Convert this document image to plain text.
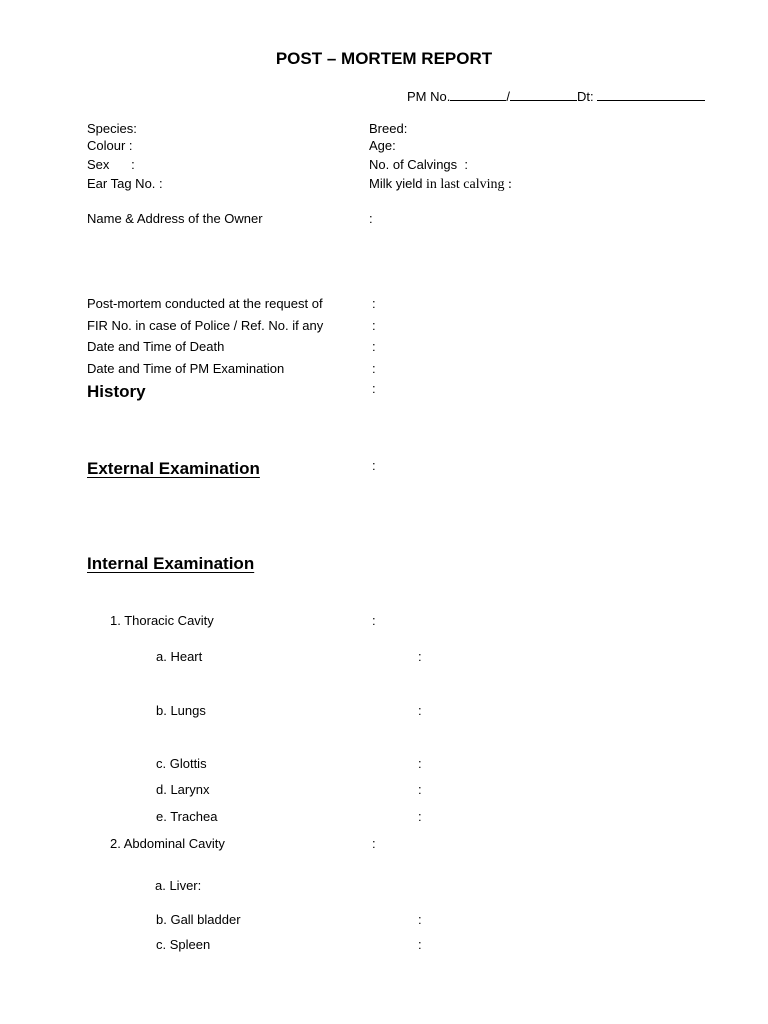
POST – MORTEM REPORT
PM No.	/	Dt:
Species:	Breed:
Colour :	Age:
Sex      :	No. of Calvings  :
Ear Tag No. :	Milk yield in last calving :
Name & Address of the Owner	:
Post-mortem conducted at the request of	:
FIR No. in case of Police / Ref. No. if any	:
Date and Time of Death	:
Date and Time of PM Examination	:
History	:
External Examination	:
Internal Examination
1. Thoracic Cavity	:
a. Heart	:
b. Lungs	:
c. Glottis	:
d. Larynx	:
e. Trachea	:
2. Abdominal Cavity	:
a. Liver:
b. Gall bladder	:
c. Spleen	:
